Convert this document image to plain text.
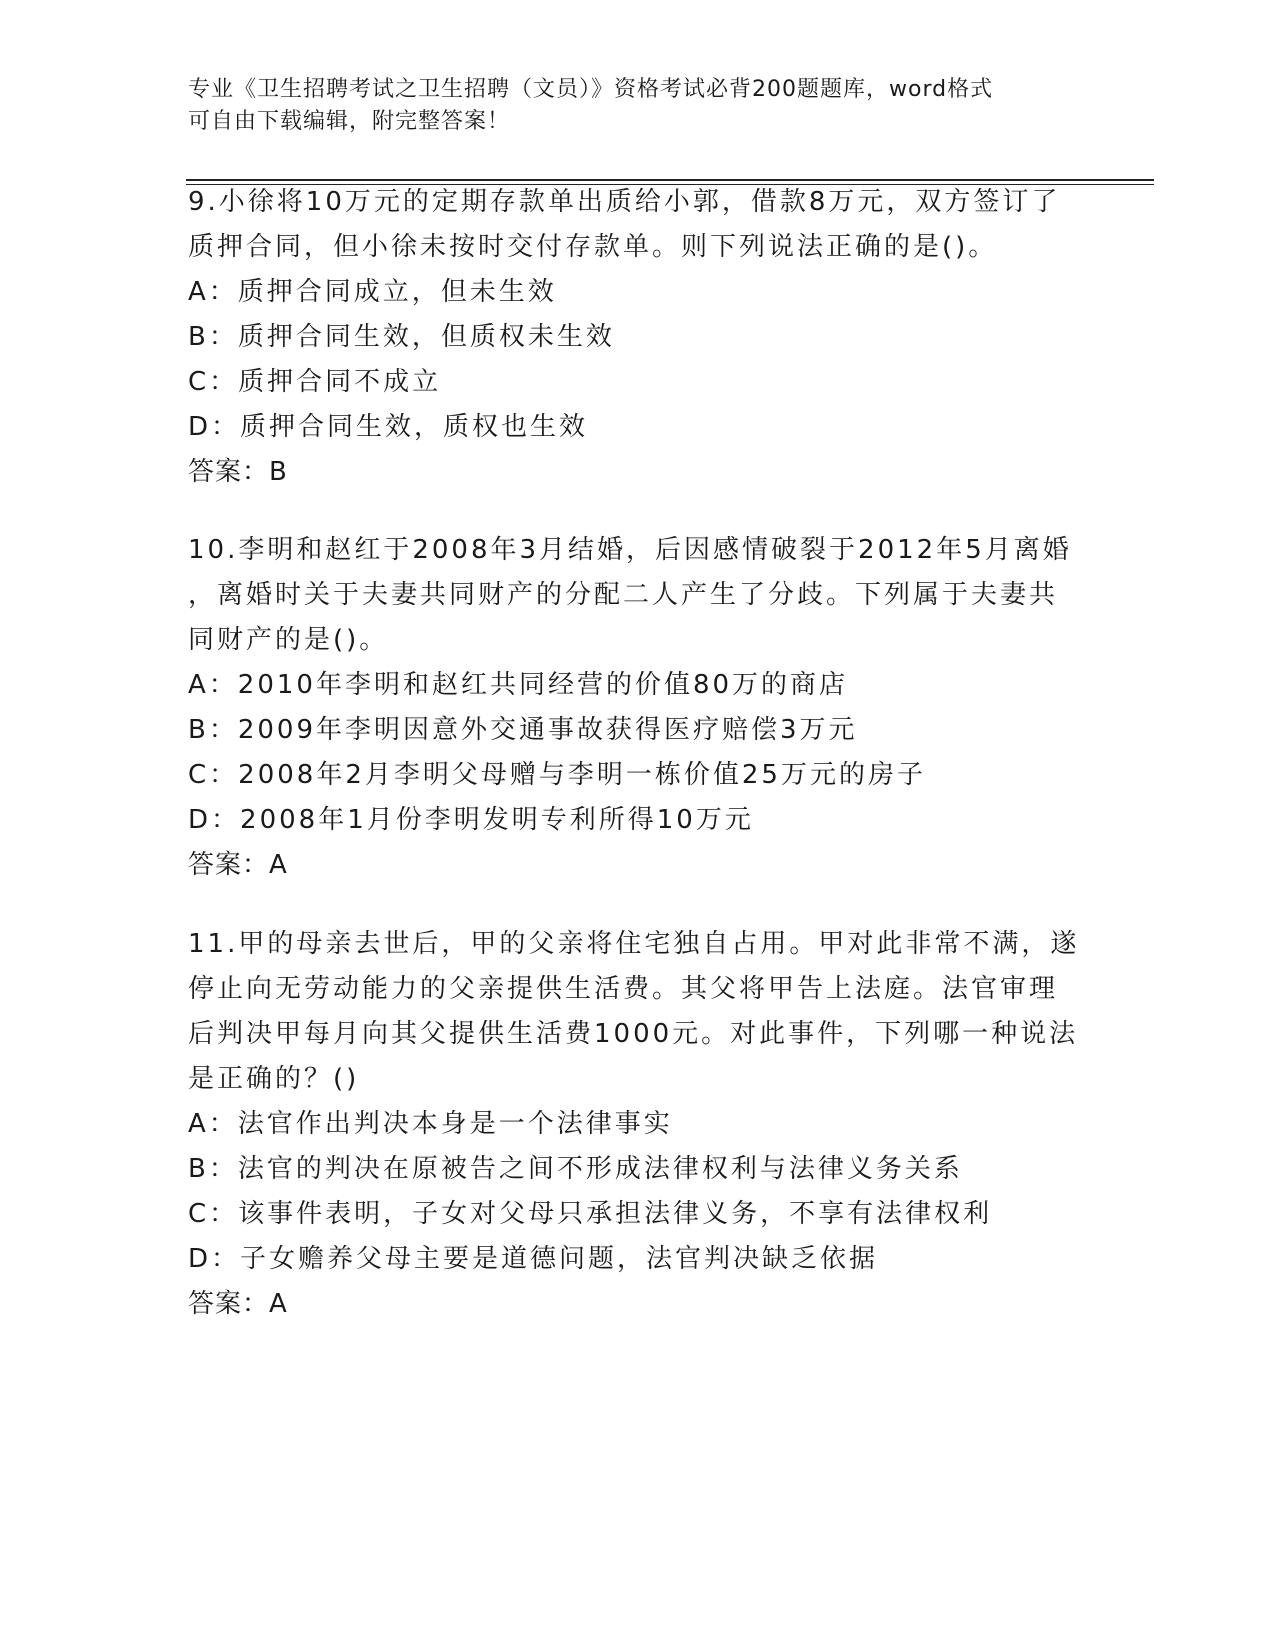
专业《卫生招聘考试之卫生招聘（文员）》资格考试必背200题题库，word格式
可自由下载编辑，附完整答案！

9.小徐将10万元的定期存款单出质给小郭，借款8万元，双方签订了

质押合同，但小徐未按时交付存款单。则下列说法正确的是()。

A：质押合同成立，但未生效

B：质押合同生效，但质权未生效

C：质押合同不成立

D：质押合同生效，质权也生效

答案：B

10.李明和赵红于2008年3月结婚，后因感情破裂于2012年5月离婚

，离婚时关于夫妻共同财产的分配二人产生了分歧。下列属于夫妻共

同财产的是()。

A：2010年李明和赵红共同经营的价值80万的商店

B：2009年李明因意外交通事故获得医疗赔偿3万元

C：2008年2月李明父母赠与李明一栋价值25万元的房子

D：2008年1月份李明发明专利所得10万元

答案：A

11.甲的母亲去世后，甲的父亲将住宅独自占用。甲对此非常不满，遂

停止向无劳动能力的父亲提供生活费。其父将甲告上法庭。法官审理

后判决甲每月向其父提供生活费1000元。对此事件，下列哪一种说法

是正确的？()

A：法官作出判决本身是一个法律事实

B：法官的判决在原被告之间不形成法律权利与法律义务关系

C：该事件表明，子女对父母只承担法律义务，不享有法律权利

D：子女赡养父母主要是道德问题，法官判决缺乏依据

答案：A
